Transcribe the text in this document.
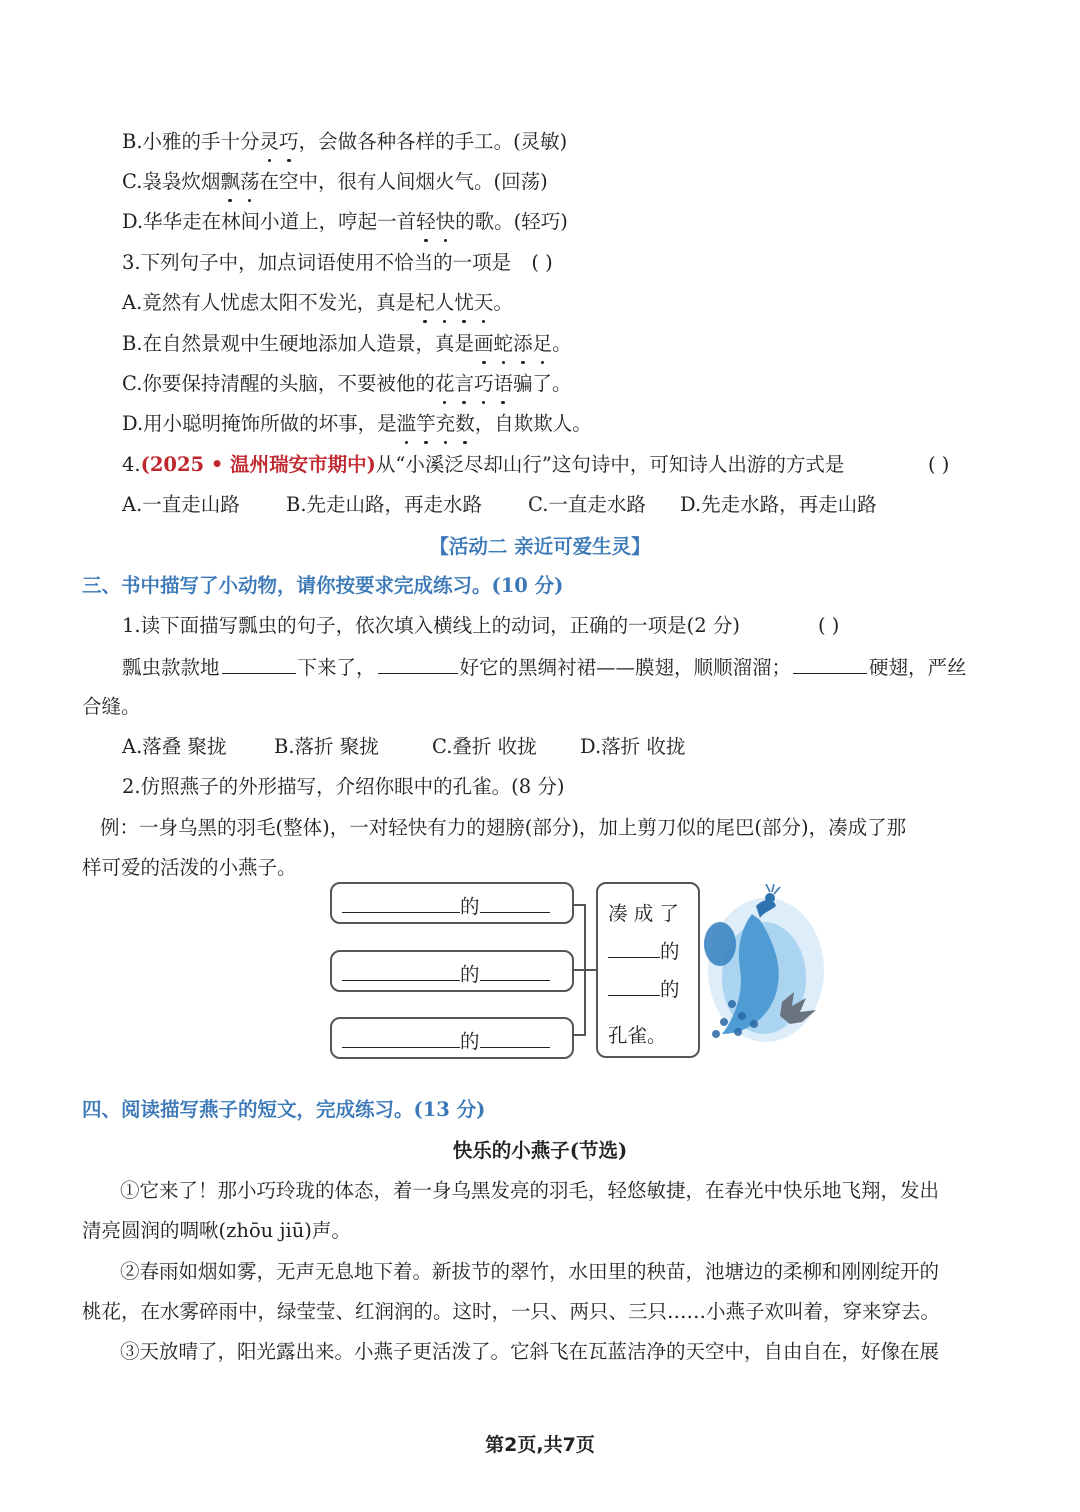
B.小雅的手十分灵巧，会做各种各样的手工。(灵敏)
C.袅袅炊烟飘荡在空中，很有人间烟火气。(回荡)
D.华华走在林间小道上，哼起一首轻快的歌。(轻巧)
3.下列句子中，加点词语使用不恰当的一项是 ( )
A.竟然有人忧虑太阳不发光，真是杞人忧天。
B.在自然景观中生硬地添加人造景，真是画蛇添足。
C.你要保持清醒的头脑，不要被他的花言巧语骗了。
D.用小聪明掩饰所做的坏事，是滥竽充数，自欺欺人。
4.(2025 • 温州瑞安市期中)从“小溪泛尽却山行”这句诗中，可知诗人出游的方式是	( )
A.一直走山路 B.先走山路，再走水路 C.一直走水路 D.先走水路，再走山路
【活动二 亲近可爱生灵】
三、书中描写了小动物，请你按要求完成练习。(10 分)
1.读下面描写瓢虫的句子，依次填入横线上的动词，正确的一项是(2 分)	( )
瓢虫款款地	下来了，	好它的黑绸衬裙——膜翅，顺顺溜溜；	硬翅，严丝
合缝。
A.落叠 聚拢 B.落折 聚拢	C.叠折 收拢 D.落折 收拢
2.仿照燕子的外形描写，介绍你眼中的孔雀。(8 分)
例：一身乌黑的羽毛(整体)，一对轻快有力的翅膀(部分)，加上剪刀似的尾巴(部分)，凑成了那
样可爱的活泼的小燕子。
的
的
的
凑 成 了
的
的
孔雀。
四、阅读描写燕子的短文，完成练习。(13 分)
快乐的小燕子(节选)
①它来了！那小巧玲珑的体态，着一身乌黑发亮的羽毛，轻悠敏捷，在春光中快乐地飞翔，发出
清亮圆润的啁啾(zhōu jiū)声。
②春雨如烟如雾，无声无息地下着。新拔节的翠竹，水田里的秧苗，池塘边的柔柳和刚刚绽开的
桃花，在水雾碎雨中，绿莹莹、红润润的。这时，一只、两只、三只……小燕子欢叫着，穿来穿去。
③天放晴了，阳光露出来。小燕子更活泼了。它斜飞在瓦蓝洁净的天空中，自由自在，好像在展
第2页,共7页
